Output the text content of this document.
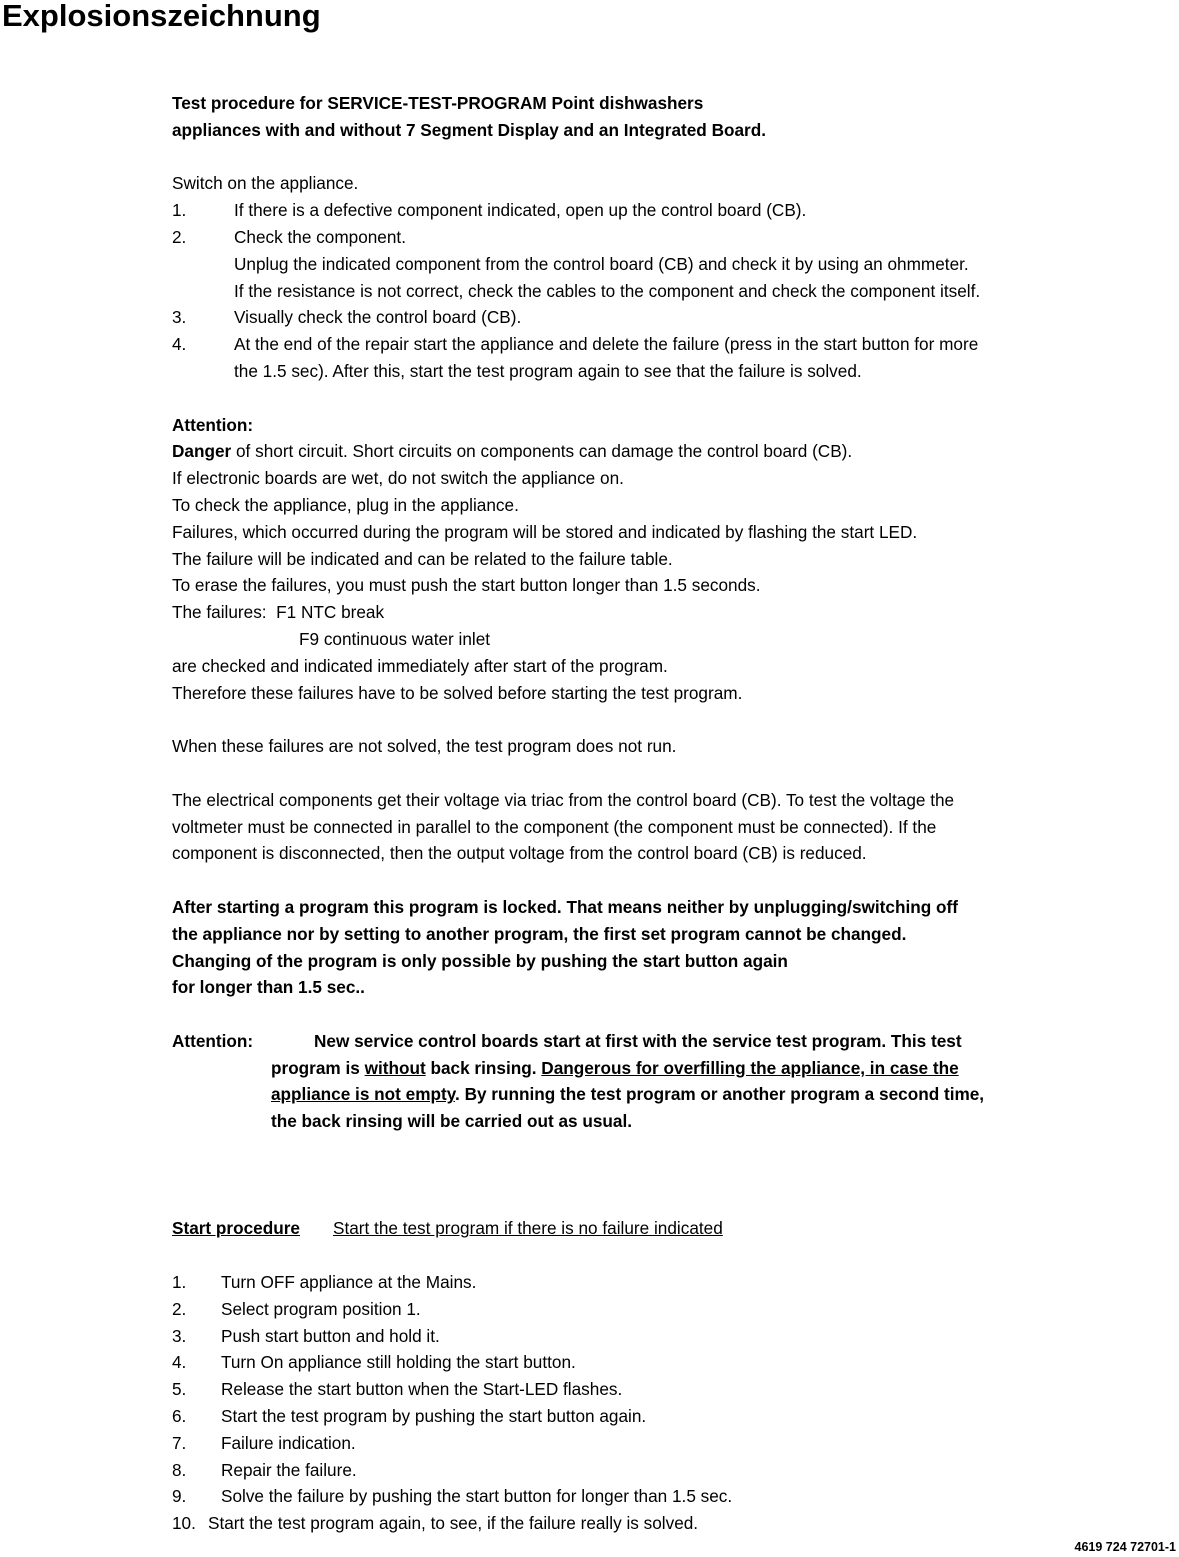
Explosionszeichnung
Test procedure for SERVICE-TEST-PROGRAM Point dishwashers
appliances with and without 7 Segment Display and an Integrated Board.
Switch on the appliance.
1.	If there is a defective component indicated, open up the control board (CB).
2.	Check the component.
Unplug the indicated component from the control board (CB) and check it by using an ohmmeter.
If the resistance is not correct, check the cables to the component and check the component itself.
3.	Visually check the control board (CB).
4.	At the end of the repair start the appliance and delete the failure (press in the start button for more
the 1.5 sec). After this, start the test program again to see that the failure is solved.
Attention:
Danger of short circuit. Short circuits on components can damage the control board (CB).
If electronic boards are wet, do not switch the appliance on.
To check the appliance, plug in the appliance.
Failures, which occurred during the program will be stored and indicated by flashing the start LED.
The failure will be indicated and can be related to the failure table.
To erase the failures, you must push the start button longer than 1.5 seconds.
The failures: F1 NTC break
F9 continuous water inlet
are checked and indicated immediately after start of the program.
Therefore these failures have to be solved before starting the test program.
When these failures are not solved, the test program does not run.
The electrical components get their voltage via triac from the control board (CB). To test the voltage the
voltmeter must be connected in parallel to the component (the component must be connected). If the
component is disconnected, then the output voltage from the control board (CB) is reduced.
After starting a program this program is locked. That means neither by unplugging/switching off
the appliance nor by setting to another program, the first set program cannot be changed.
Changing of the program is only possible by pushing the start button again
for longer than 1.5 sec..
Attention:	New service control boards start at first with the service test program. This test
program is without back rinsing. Dangerous for overfilling the appliance, in case the
appliance is not empty. By running the test program or another program a second time,
the back rinsing will be carried out as usual.
Start procedure Start the test program if there is no failure indicated
1. Turn OFF appliance at the Mains.
2. Select program position 1.
3. Push start button and hold it.
4. Turn On appliance still holding the start button.
5. Release the start button when the Start-LED flashes.
6. Start the test program by pushing the start button again.
7. Failure indication.
8. Repair the failure.
9. Solve the failure by pushing the start button for longer than 1.5 sec.
10. Start the test program again, to see, if the failure really is solved.
4619 724 72701-1
